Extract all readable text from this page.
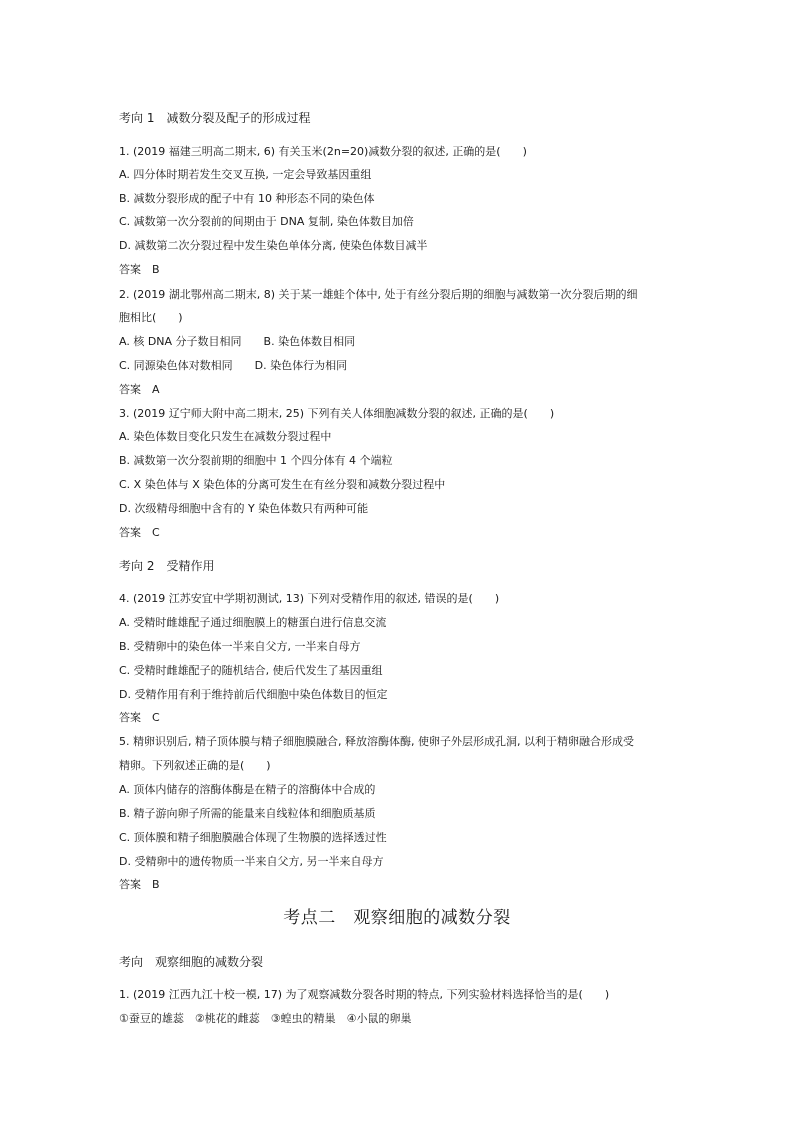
考向 1　减数分裂及配子的形成过程
1. (2019 福建三明高二期末, 6) 有关玉米(2n=20)减数分裂的叙述, 正确的是(　　)
A. 四分体时期若发生交叉互换, 一定会导致基因重组
B. 减数分裂形成的配子中有 10 种形态不同的染色体
C. 减数第一次分裂前的间期由于 DNA 复制, 染色体数目加倍
D. 减数第二次分裂过程中发生染色单体分离, 使染色体数目减半
答案　B
2. (2019 湖北鄂州高二期末, 8) 关于某一雄蛙个体中, 处于有丝分裂后期的细胞与减数第一次分裂后期的细
胞相比(　　)
A. 核 DNA 分子数目相同　　B. 染色体数目相同
C. 同源染色体对数相同　　D. 染色体行为相同
答案　A
3. (2019 辽宁师大附中高二期末, 25) 下列有关人体细胞减数分裂的叙述, 正确的是(　　)
A. 染色体数目变化只发生在减数分裂过程中
B. 减数第一次分裂前期的细胞中 1 个四分体有 4 个端粒
C. X 染色体与 X 染色体的分离可发生在有丝分裂和减数分裂过程中
D. 次级精母细胞中含有的 Y 染色体数只有两种可能
答案　C
考向 2　受精作用
4. (2019 江苏安宜中学期初测试, 13) 下列对受精作用的叙述, 错误的是(　　)
A. 受精时雌雄配子通过细胞膜上的糖蛋白进行信息交流
B. 受精卵中的染色体一半来自父方, 一半来自母方
C. 受精时雌雄配子的随机结合, 使后代发生了基因重组
D. 受精作用有利于维持前后代细胞中染色体数目的恒定
答案　C
5. 精卵识别后, 精子顶体膜与精子细胞膜融合, 释放溶酶体酶, 使卵子外层形成孔洞, 以利于精卵融合形成受
精卵。下列叙述正确的是(　　)
A. 顶体内储存的溶酶体酶是在精子的溶酶体中合成的
B. 精子游向卵子所需的能量来自线粒体和细胞质基质
C. 顶体膜和精子细胞膜融合体现了生物膜的选择透过性
D. 受精卵中的遗传物质一半来自父方, 另一半来自母方
答案　B
考点二　观察细胞的减数分裂
考向　观察细胞的减数分裂
1. (2019 江西九江十校一模, 17) 为了观察减数分裂各时期的特点, 下列实验材料选择恰当的是(　　)
①蚕豆的雄蕊　②桃花的雌蕊　③蝗虫的精巢　④小鼠的卵巢
